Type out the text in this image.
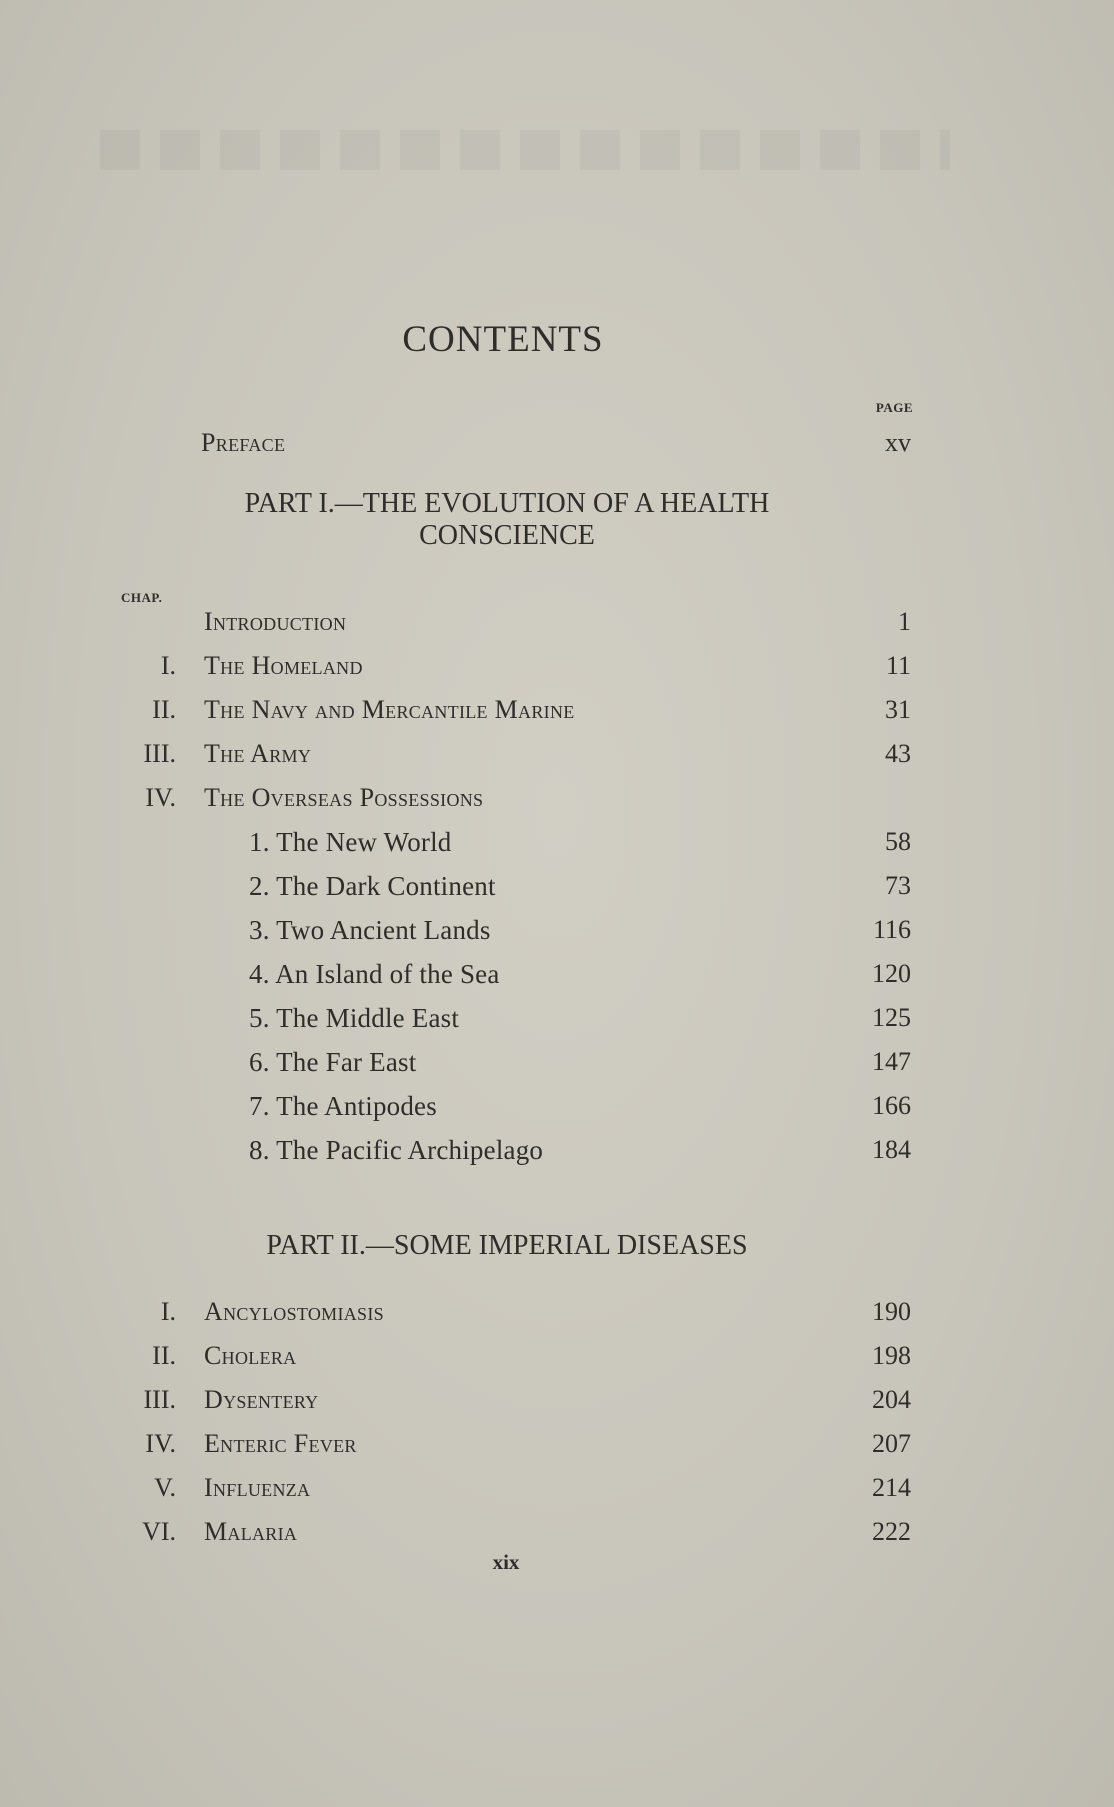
CONTENTS
PAGE
Preface	xv
PART I.—THE EVOLUTION OF A HEALTH
CONSCIENCE
CHAP.
Introduction	1
I. The Homeland	11
II. The Navy and Mercantile Marine	31
III. The Army	43
IV. The Overseas Possessions
1. The New World	58
2. The Dark Continent	73
3. Two Ancient Lands	116
4. An Island of the Sea	120
5. The Middle East	125
6. The Far East	147
7. The Antipodes	166
8. The Pacific Archipelago	184
PART II.—SOME IMPERIAL DISEASES
I. Ancylostomiasis	190
II. Cholera	198
III. Dysentery	204
IV. Enteric Fever	207
V. Influenza	214
VI. Malaria	222
xix
